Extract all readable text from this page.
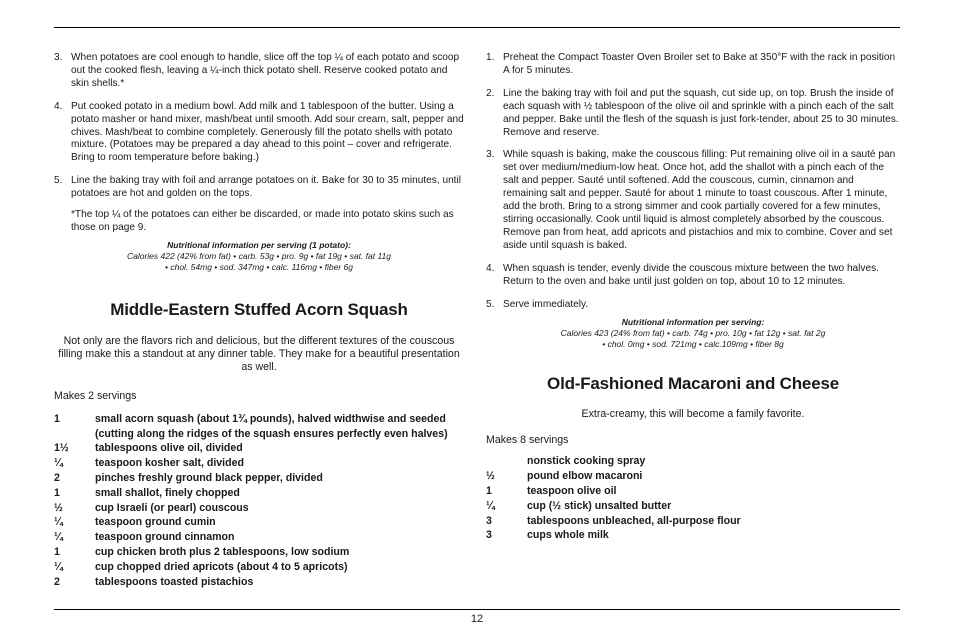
3. When potatoes are cool enough to handle, slice off the top ¼ of each potato and scoop out the cooked flesh, leaving a ¼-inch thick potato shell. Reserve cooked potato and skin shells.*
4. Put cooked potato in a medium bowl. Add milk and 1 tablespoon of the butter. Using a potato masher or hand mixer, mash/beat until smooth. Add sour cream, salt, pepper and chives. Mash/beat to combine completely. Generously fill the potato shells with potato mixture. (Potatoes may be prepared a day ahead to this point – cover and refrigerate. Bring to room temperature before baking.)
5. Line the baking tray with foil and arrange potatoes on it. Bake for 30 to 35 minutes, until potatoes are hot and golden on the tops.
*The top ¼ of the potatoes can either be discarded, or made into potato skins such as those on page 9.
Nutritional information per serving (1 potato):
Calories 422 (42% from fat) • carb. 53g • pro. 9g • fat 19g • sat. fat 11g
• chol. 54mg • sod. 347mg • calc. 116mg • fiber 6g
Middle-Eastern Stuffed Acorn Squash
Not only are the flavors rich and delicious, but the different textures of the couscous filling make this a standout at any dinner table. They make for a beautiful presentation as well.
Makes 2 servings
1	small acorn squash (about 1¾ pounds), halved widthwise and seeded (cutting along the ridges of the squash ensures perfectly even halves)
1½	tablespoons olive oil, divided
¼	teaspoon kosher salt, divided
2	pinches freshly ground black pepper, divided
1	small shallot, finely chopped
½	cup Israeli (or pearl) couscous
¼	teaspoon ground cumin
¼	teaspoon ground cinnamon
1	cup chicken broth plus 2 tablespoons, low sodium
¼	cup chopped dried apricots (about 4 to 5 apricots)
2	tablespoons toasted pistachios
1. Preheat the Compact Toaster Oven Broiler set to Bake at 350°F with the rack in position A for 5 minutes.
2. Line the baking tray with foil and put the squash, cut side up, on top. Brush the inside of each squash with ½ tablespoon of the olive oil and sprinkle with a pinch each of the salt and pepper. Bake until the flesh of the squash is just fork-tender, about 25 to 30 minutes. Remove and reserve.
3. While squash is baking, make the couscous filling: Put remaining olive oil in a sauté pan set over medium/medium-low heat. Once hot, add the shallot with a pinch each of the salt and pepper. Sauté until softened. Add the couscous, cumin, cinnamon and remaining salt and pepper. Sauté for about 1 minute to toast couscous. After 1 minute, add the broth. Bring to a strong simmer and cook partially covered for a few minutes, stirring occasionally. Cook until liquid is almost completely absorbed by the couscous. Remove pan from heat, add apricots and pistachios and mix to combine. Cover and set aside until squash is baked.
4. When squash is tender, evenly divide the couscous mixture between the two halves. Return to the oven and bake until just golden on top, about 10 to 12 minutes.
5. Serve immediately.
Nutritional information per serving:
Calories 423 (24% from fat) • carb. 74g • pro. 10g • fat 12g • sat. fat 2g
• chol. 0mg • sod. 721mg • calc.109mg • fiber 8g
Old-Fashioned Macaroni and Cheese
Extra-creamy, this will become a family favorite.
Makes 8 servings
nonstick cooking spray
½	pound elbow macaroni
1	teaspoon olive oil
¼	cup (½ stick) unsalted butter
3	tablespoons unbleached, all-purpose flour
3	cups whole milk
12
